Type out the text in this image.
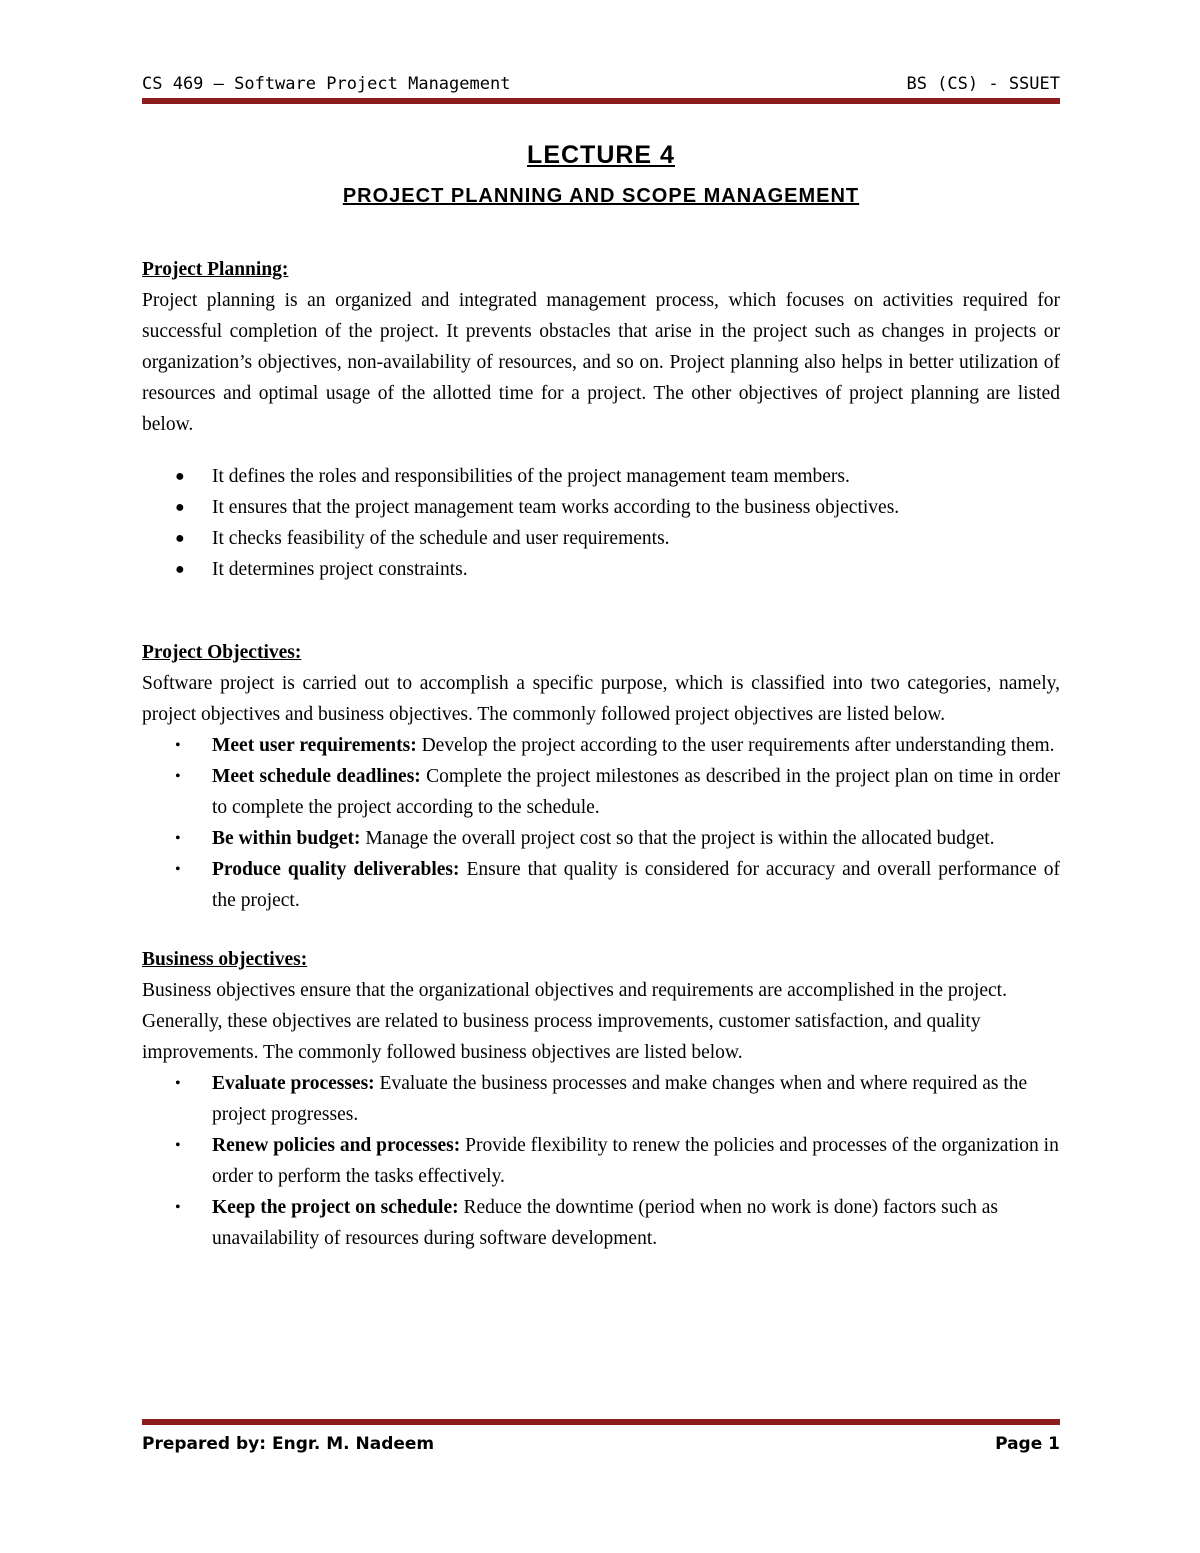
CS 469 – Software Project Management	BS (CS) - SSUET

LECTURE 4

PROJECT PLANNING AND SCOPE MANAGEMENT

Project Planning:

Project planning is an organized and integrated management process, which focuses on activities required for successful completion of the project. It prevents obstacles that arise in the project such as changes in projects or organization’s objectives, non-availability of resources, and so on. Project planning also helps in better utilization of resources and optimal usage of the allotted time for a project. The other objectives of project planning are listed below.

● It defines the roles and responsibilities of the project management team members.
● It ensures that the project management team works according to the business objectives.
● It checks feasibility of the schedule and user requirements.
● It determines project constraints.

Project Objectives:

Software project is carried out to accomplish a specific purpose, which is classified into two categories, namely, project objectives and business objectives. The commonly followed project objectives are listed below.

• Meet user requirements: Develop the project according to the user requirements after understanding them.
• Meet schedule deadlines: Complete the project milestones as described in the project plan on time in order to complete the project according to the schedule.
• Be within budget: Manage the overall project cost so that the project is within the allocated budget.
• Produce quality deliverables: Ensure that quality is considered for accuracy and overall performance of the project.

Business objectives:

Business objectives ensure that the organizational objectives and requirements are accomplished in the project. Generally, these objectives are related to business process improvements, customer satisfaction, and quality improvements. The commonly followed business objectives are listed below.

• Evaluate processes: Evaluate the business processes and make changes when and where required as the project progresses.
• Renew policies and processes: Provide flexibility to renew the policies and processes of the organization in order to perform the tasks effectively.
• Keep the project on schedule: Reduce the downtime (period when no work is done) factors such as unavailability of resources during software development.
Prepared by: Engr. M. Nadeem	Page 1
